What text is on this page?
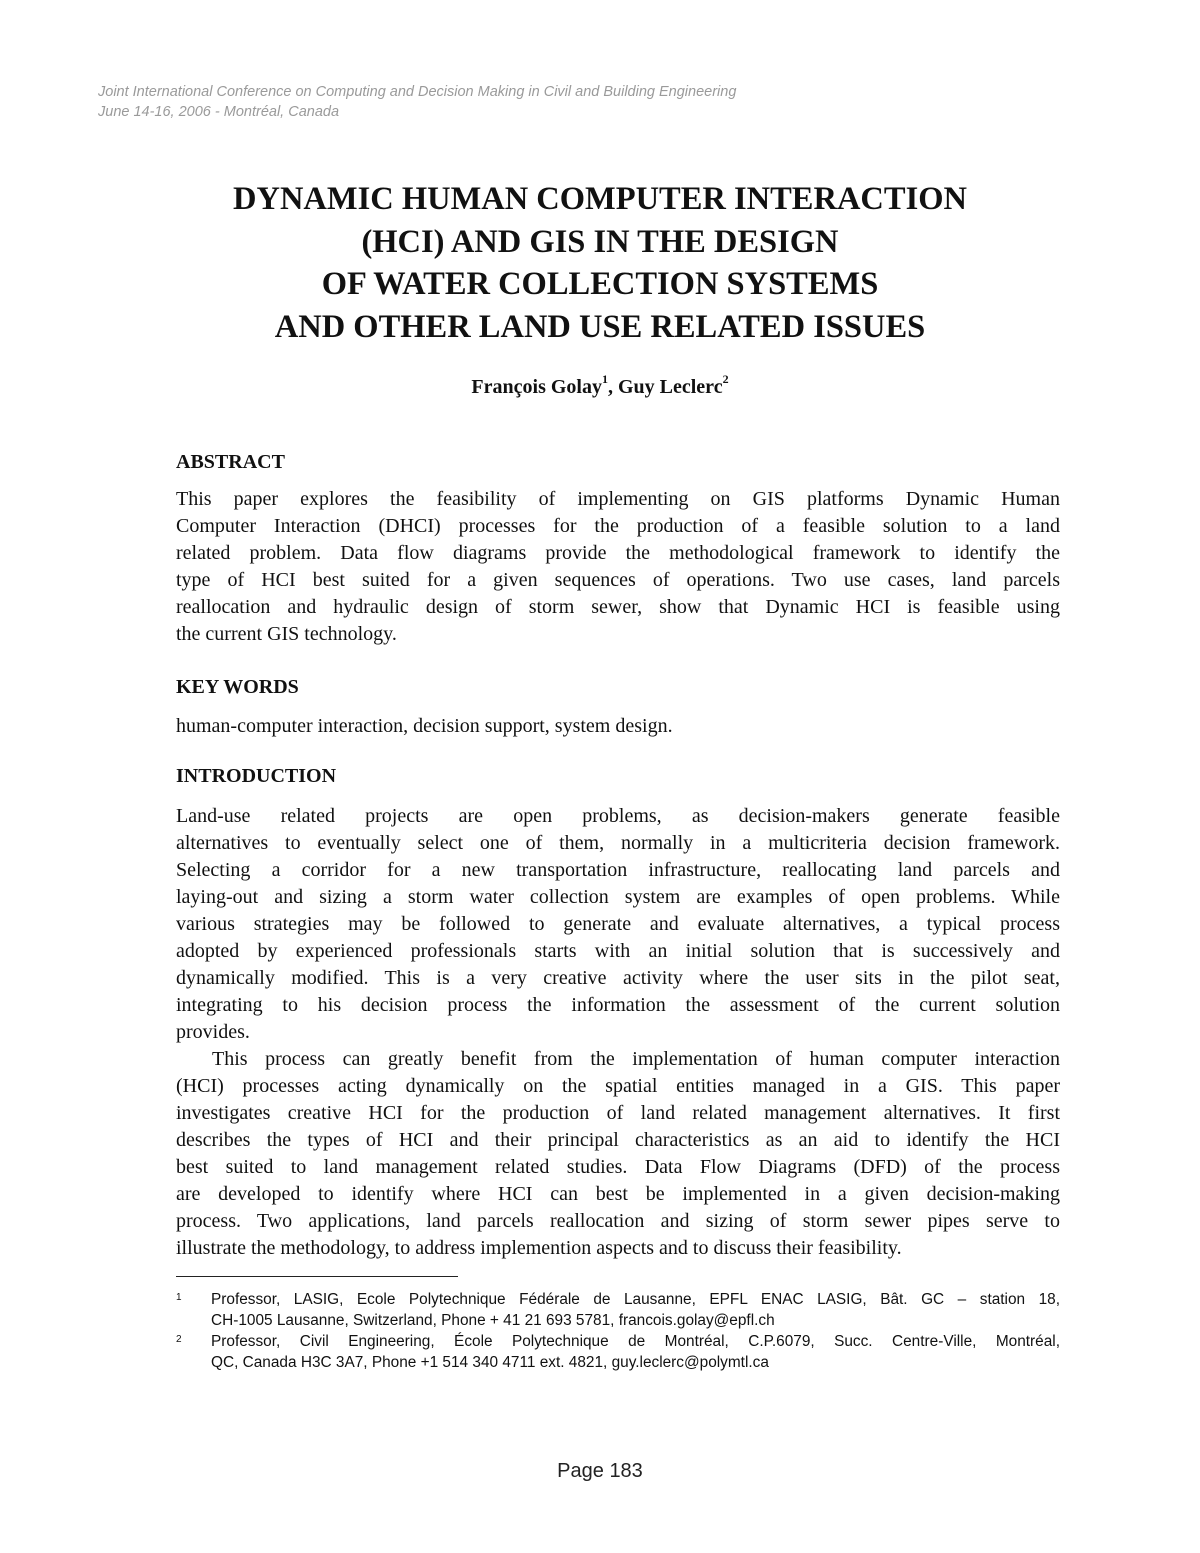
Joint International Conference on Computing and Decision Making in Civil and Building Engineering
June 14-16, 2006 - Montréal, Canada
DYNAMIC HUMAN COMPUTER INTERACTION
(HCI) AND GIS IN THE DESIGN
OF WATER COLLECTION SYSTEMS
AND OTHER LAND USE RELATED ISSUES
François Golay$^1$, Guy Leclerc$^2$
ABSTRACT
This paper explores the feasibility of implementing on GIS platforms Dynamic Human
Computer Interaction (DHCI) processes for the production of a feasible solution to a land
related problem. Data flow diagrams provide the methodological framework to identify the
type of HCI best suited for a given sequences of operations. Two use cases, land parcels
reallocation and hydraulic design of storm sewer, show that Dynamic HCI is feasible using
the current GIS technology.
KEY WORDS
human-computer interaction, decision support, system design.
INTRODUCTION
Land-use related projects are open problems, as decision-makers generate feasible
alternatives to eventually select one of them, normally in a multicriteria decision framework.
Selecting a corridor for a new transportation infrastructure, reallocating land parcels and
laying-out and sizing a storm water collection system are examples of open problems. While
various strategies may be followed to generate and evaluate alternatives, a typical process
adopted by experienced professionals starts with an initial solution that is successively and
dynamically modified. This is a very creative activity where the user sits in the pilot seat,
integrating to his decision process the information the assessment of the current solution
provides.
This process can greatly benefit from the implementation of human computer interaction
(HCI) processes acting dynamically on the spatial entities managed in a GIS. This paper
investigates creative HCI for the production of land related management alternatives. It first
describes the types of HCI and their principal characteristics as an aid to identify the HCI
best suited to land management related studies. Data Flow Diagrams (DFD) of the process
are developed to identify where HCI can best be implemented in a given decision-making
process. Two applications, land parcels reallocation and sizing of storm sewer pipes serve to
illustrate the methodology, to address implemention aspects and to discuss their feasibility.
1 Professor, LASIG, Ecole Polytechnique Fédérale de Lausanne, EPFL ENAC LASIG, Bât. GC – station 18,
CH-1005 Lausanne, Switzerland, Phone + 41 21 693 5781, francois.golay@epfl.ch
2 Professor, Civil Engineering, École Polytechnique de Montréal, C.P.6079, Succ. Centre-Ville, Montréal,
QC, Canada H3C 3A7, Phone +1 514 340 4711 ext. 4821, guy.leclerc@polymtl.ca
Page 183
